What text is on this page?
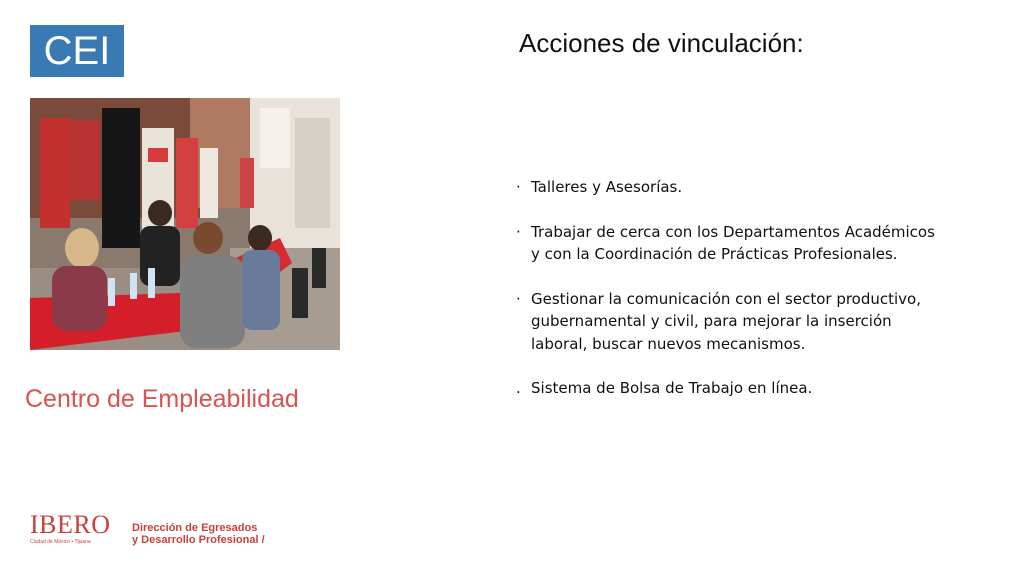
CEI	Acciones de vinculación:
Centro de Empleabilidad
· Talleres y Asesorías.
· Trabajar de cerca con los Departamentos Académicos y con la Coordinación de Prácticas Profesionales.
· Gestionar la comunicación con el sector productivo, gubernamental y civil, para mejorar la inserción laboral, buscar nuevos mecanismos.
. Sistema de Bolsa de Trabajo en línea.
IBERO
Ciudad de México • Tijuana
Dirección de Egresados
y Desarrollo Profesional /
